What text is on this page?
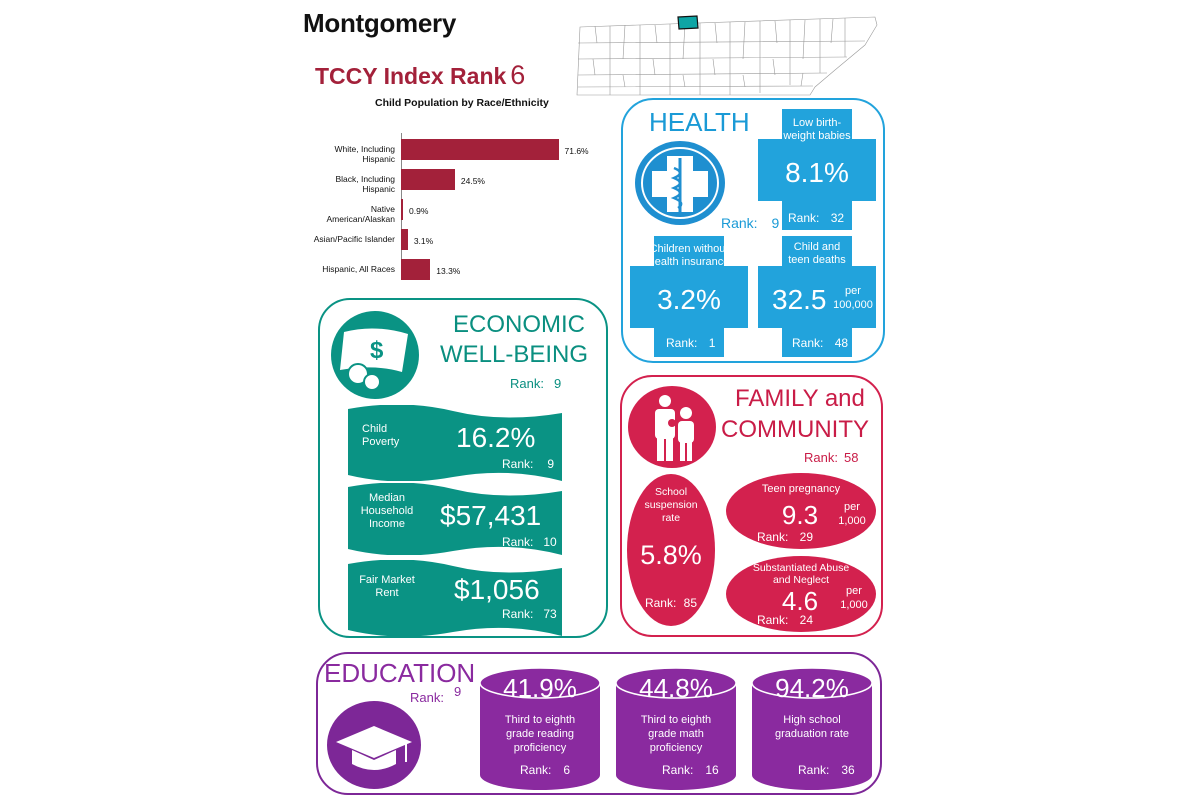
Montgomery
TCCY Index Rank 6
Child Population by Race/Ethnicity
White, Including Hispanic
71.6%
Black, Including Hispanic
24.5%
Native American/Alaskan
0.9%
Asian/Pacific Islander 3.1%
Hispanic, All Races	13.3%
HEALTH
Rank: 9
Low birth-weight babies
8.1%
Rank: 32
Children without health insurance
3.2%
Rank: 1
Child and teen deaths
32.5	per 100,000
Rank: 48
$
ECONOMIC
WELL-BEING
Rank: 9
Child Poverty	16.2%
Rank: 9
Median Household Income	$57,431
Rank: 10
Fair Market Rent	$1,056
Rank: 73
FAMILY and
COMMUNITY
Rank: 58
School suspension rate
5.8%
Rank: 85
Teen pregnancy
9.3	per 1,000
Rank: 29
Substantiated Abuse and Neglect
4.6	per 1,000
Rank: 24
EDUCATION
Rank: 9	41.9%
Third to eighth grade reading proficiency
Rank: 6
44.8%
Third to eighth grade math proficiency
Rank: 16
94.2%
High school graduation rate
Rank: 36
